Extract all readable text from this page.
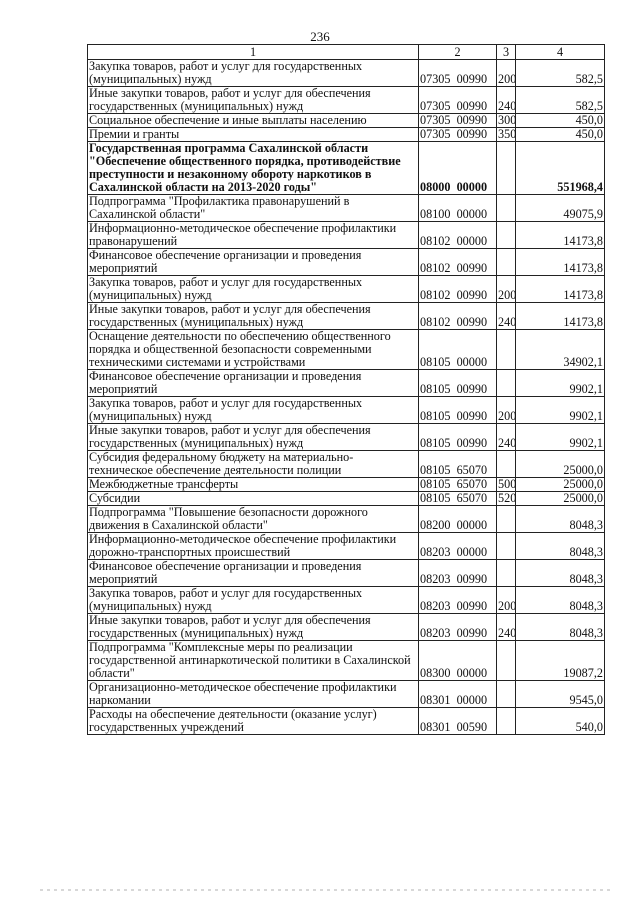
236
1	2	3	4
Закупка товаров, работ и услуг для государственных (муниципальных) нужд	07305  00990	200	582,5
Иные закупки товаров, работ и услуг для обеспечения государственных (муниципальных) нужд	07305  00990	240	582,5
Социальное обеспечение и иные выплаты населению	07305  00990	300	450,0
Премии и гранты	07305  00990	350	450,0
Государственная программа Сахалинской области "Обеспечение общественного порядка, противодействие преступности и незаконному обороту наркотиков в Сахалинской области на 2013-2020 годы"	08000  00000		551968,4
Подпрограмма "Профилактика правонарушений в Сахалинской области"	08100  00000		49075,9
Информационно-методическое обеспечение профилактики правонарушений	08102  00000		14173,8
Финансовое обеспечение организации и проведения мероприятий	08102  00990		14173,8
Закупка товаров, работ и услуг для государственных (муниципальных) нужд	08102  00990	200	14173,8
Иные закупки товаров, работ и услуг для обеспечения государственных (муниципальных) нужд	08102  00990	240	14173,8
Оснащение деятельности по обеспечению общественного порядка и общественной безопасности современными техническими системами и устройствами	08105  00000		34902,1
Финансовое обеспечение организации и проведения мероприятий	08105  00990		9902,1
Закупка товаров, работ и услуг для государственных (муниципальных) нужд	08105  00990	200	9902,1
Иные закупки товаров, работ и услуг для обеспечения государственных (муниципальных) нужд	08105  00990	240	9902,1
Субсидия федеральному бюджету на материально-техническое обеспечение деятельности полиции	08105  65070		25000,0
Межбюджетные трансферты	08105  65070	500	25000,0
Субсидии	08105  65070	520	25000,0
Подпрограмма "Повышение безопасности дорожного движения в Сахалинской области"	08200  00000		8048,3
Информационно-методическое обеспечение профилактики дорожно-транспортных происшествий	08203  00000		8048,3
Финансовое обеспечение организации и проведения мероприятий	08203  00990		8048,3
Закупка товаров, работ и услуг для государственных (муниципальных) нужд	08203  00990	200	8048,3
Иные закупки товаров, работ и услуг для обеспечения государственных (муниципальных) нужд	08203  00990	240	8048,3
Подпрограмма "Комплексные меры по реализации государственной антинаркотической политики в Сахалинской области"	08300  00000		19087,2
Организационно-методическое обеспечение профилактики наркомании	08301  00000		9545,0
Расходы на обеспечение деятельности (оказание услуг) государственных учреждений	08301  00590		540,0
